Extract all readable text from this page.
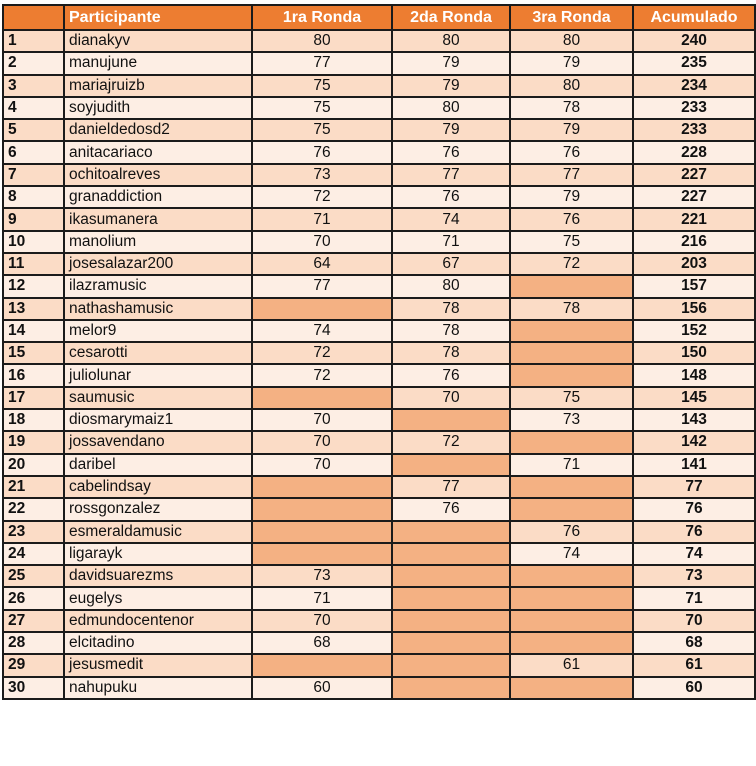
	Participante	1ra Ronda	2da Ronda	3ra Ronda	Acumulado
1	dianakyv	80	80	80	240
2	manujune	77	79	79	235
3	mariajruizb	75	79	80	234
4	soyjudith	75	80	78	233
5	danieldedosd2	75	79	79	233
6	anitacariaco	76	76	76	228
7	ochitoalreves	73	77	77	227
8	granaddiction	72	76	79	227
9	ikasumanera	71	74	76	221
10	manolium	70	71	75	216
11	josesalazar200	64	67	72	203
12	ilazramusic	77	80		157
13	nathashamusic		78	78	156
14	melor9	74	78		152
15	cesarotti	72	78		150
16	juliolunar	72	76		148
17	saumusic		70	75	145
18	diosmarymaiz1	70		73	143
19	jossavendano	70	72		142
20	daribel	70		71	141
21	cabelindsay		77		77
22	rossgonzalez		76		76
23	esmeraldamusic			76	76
24	ligarayk			74	74
25	davidsuarezms	73			73
26	eugelys	71			71
27	edmundocentenor	70			70
28	elcitadino	68			68
29	jesusmedit			61	61
30	nahupuku	60			60
